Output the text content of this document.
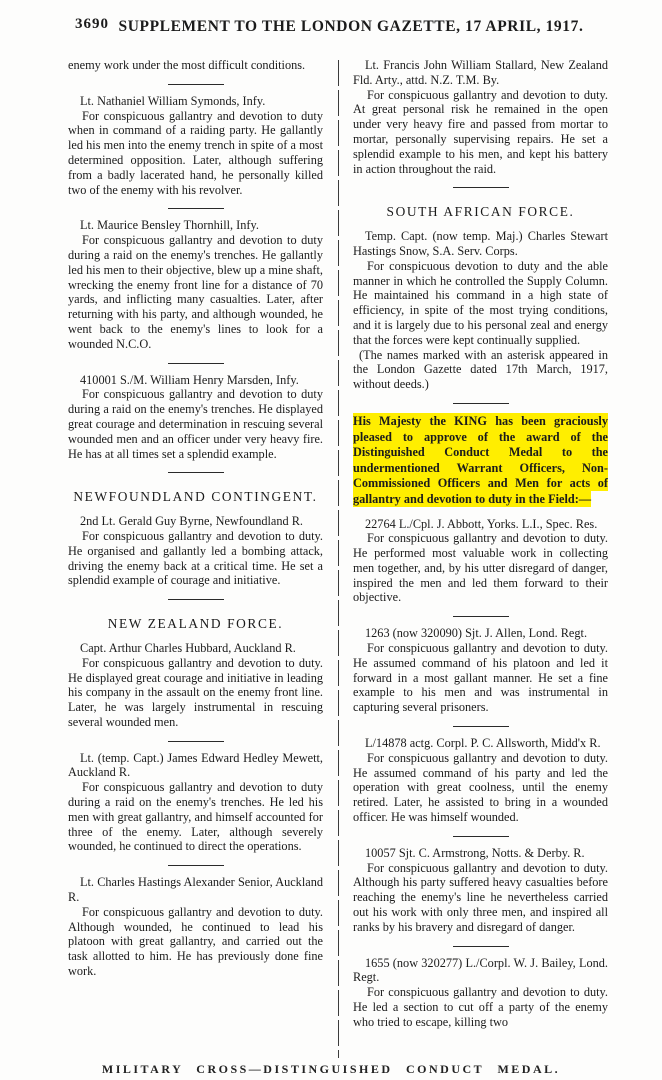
3690 SUPPLEMENT TO THE LONDON GAZETTE, 17 APRIL, 1917.

enemy work under the most difficult conditions.

Lt. Nathaniel William Symonds, Infy.

For conspicuous gallantry and devotion to duty when in command of a raiding party. He gallantly led his men into the enemy trench in spite of a most determined opposition. Later, although suffering from a badly lacerated hand, he personally killed two of the enemy with his revolver.

Lt. Maurice Bensley Thornhill, Infy.

For conspicuous gallantry and devotion to duty during a raid on the enemy's trenches. He gallantly led his men to their objective, blew up a mine shaft, wrecking the enemy front line for a distance of 70 yards, and inflicting many casualties. Later, after returning with his party, and although wounded, he went back to the enemy's lines to look for a wounded N.C.O.

410001 S./M. William Henry Marsden, Infy.

For conspicuous gallantry and devotion to duty during a raid on the enemy's trenches. He displayed great courage and determination in rescuing several wounded men and an officer under very heavy fire. He has at all times set a splendid example.

NEWFOUNDLAND CONTINGENT.

2nd Lt. Gerald Guy Byrne, Newfoundland R.

For conspicuous gallantry and devotion to duty. He organised and gallantly led a bombing attack, driving the enemy back at a critical time. He set a splendid example of courage and initiative.

NEW ZEALAND FORCE.

Capt. Arthur Charles Hubbard, Auckland R.

For conspicuous gallantry and devotion to duty. He displayed great courage and initiative in leading his company in the assault on the enemy front line. Later, he was largely instrumental in rescuing several wounded men.

Lt. (temp. Capt.) James Edward Hedley Mewett, Auckland R.

For conspicuous gallantry and devotion to duty during a raid on the enemy's trenches. He led his men with great gallantry, and himself accounted for three of the enemy. Later, although severely wounded, he continued to direct the operations.

Lt. Charles Hastings Alexander Senior, Auckland R.

For conspicuous gallantry and devotion to duty. Although wounded, he continued to lead his platoon with great gallantry, and carried out the task allotted to him. He has previously done fine work.

Lt. Francis John William Stallard, New Zealand Fld. Arty., attd. N.Z. T.M. By.

For conspicuous gallantry and devotion to duty. At great personal risk he remained in the open under very heavy fire and passed from mortar to mortar, personally supervising repairs. He set a splendid example to his men, and kept his battery in action throughout the raid.

SOUTH AFRICAN FORCE.

Temp. Capt. (now temp. Maj.) Charles Stewart Hastings Snow, S.A. Serv. Corps.

For conspicuous devotion to duty and the able manner in which he controlled the Supply Column. He maintained his command in a high state of efficiency, in spite of the most trying conditions, and it is largely due to his personal zeal and energy that the forces were kept continually supplied.

(The names marked with an asterisk appeared in the London Gazette dated 17th March, 1917, without deeds.)

His Majesty the KING has been graciously pleased to approve of the award of the Distinguished Conduct Medal to the undermentioned Warrant Officers, Non-Commissioned Officers and Men for acts of gallantry and devotion to duty in the Field:—

22764 L./Cpl. J. Abbott, Yorks. L.I., Spec. Res.

For conspicuous gallantry and devotion to duty. He performed most valuable work in collecting men together, and, by his utter disregard of danger, inspired the men and led them forward to their objective.

1263 (now 320090) Sjt. J. Allen, Lond. Regt.

For conspicuous gallantry and devotion to duty. He assumed command of his platoon and led it forward in a most gallant manner. He set a fine example to his men and was instrumental in capturing several prisoners.

L/14878 actg. Corpl. P. C. Allsworth, Midd'x R.

For conspicuous gallantry and devotion to duty. He assumed command of his party and led the operation with great coolness, until the enemy retired. Later, he assisted to bring in a wounded officer. He was himself wounded.

10057 Sjt. C. Armstrong, Notts. & Derby. R.

For conspicuous gallantry and devotion to duty. Although his party suffered heavy casualties before reaching the enemy's line he nevertheless carried out his work with only three men, and inspired all ranks by his bravery and disregard of danger.

1655 (now 320277) L./Corpl. W. J. Bailey, Lond. Regt.

For conspicuous gallantry and devotion to duty. He led a section to cut off a party of the enemy who tried to escape, killing two

MILITARY CROSS—DISTINGUISHED CONDUCT MEDAL.
